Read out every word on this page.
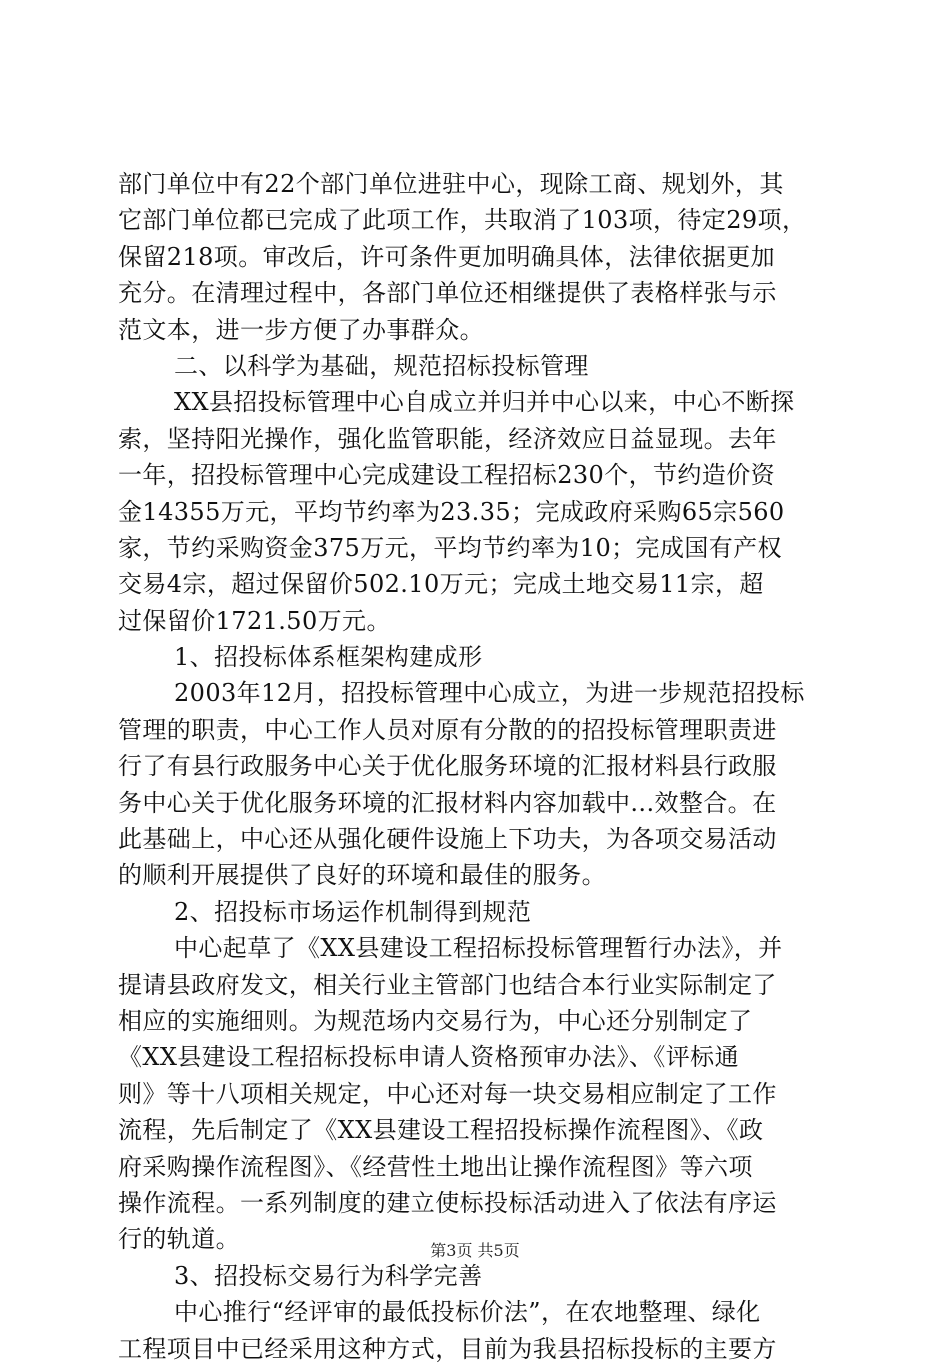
部门单位中有22个部门单位进驻中心，现除工商、规划外，其
它部门单位都已完成了此项工作，共取消了103项，待定29项，
保留218项。审改后，许可条件更加明确具体，法律依据更加
充分。在清理过程中，各部门单位还相继提供了表格样张与示
范文本，进一步方便了办事群众。
二、以科学为基础，规范招标投标管理
XX县招投标管理中心自成立并归并中心以来，中心不断探
索，坚持阳光操作，强化监管职能，经济效应日益显现。去年
一年，招投标管理中心完成建设工程招标230个，节约造价资
金14355万元，平均节约率为23.35；完成政府采购65宗560
家，节约采购资金375万元，平均节约率为10；完成国有产权
交易4宗，超过保留价502.10万元；完成土地交易11宗，超
过保留价1721.50万元。
1、招投标体系框架构建成形
2003年12月，招投标管理中心成立，为进一步规范招投标
管理的职责，中心工作人员对原有分散的的招投标管理职责进
行了有县行政服务中心关于优化服务环境的汇报材料县行政服
务中心关于优化服务环境的汇报材料内容加载中...效整合。在
此基础上，中心还从强化硬件设施上下功夫，为各项交易活动
的顺利开展提供了良好的环境和最佳的服务。
2、招投标市场运作机制得到规范
中心起草了《XX县建设工程招标投标管理暂行办法》，并
提请县政府发文，相关行业主管部门也结合本行业实际制定了
相应的实施细则。为规范场内交易行为，中心还分别制定了
《XX县建设工程招标投标申请人资格预审办法》、《评标通
则》等十八项相关规定，中心还对每一块交易相应制定了工作
流程，先后制定了《XX县建设工程招投标操作流程图》、《政
府采购操作流程图》、《经营性土地出让操作流程图》等六项
操作流程。一系列制度的建立使标投标活动进入了依法有序运
行的轨道。
3、招投标交易行为科学完善
中心推行“经评审的最低投标价法”，在农地整理、绿化
工程项目中已经采用这种方式，目前为我县招标投标的主要方
第3页 共5页
